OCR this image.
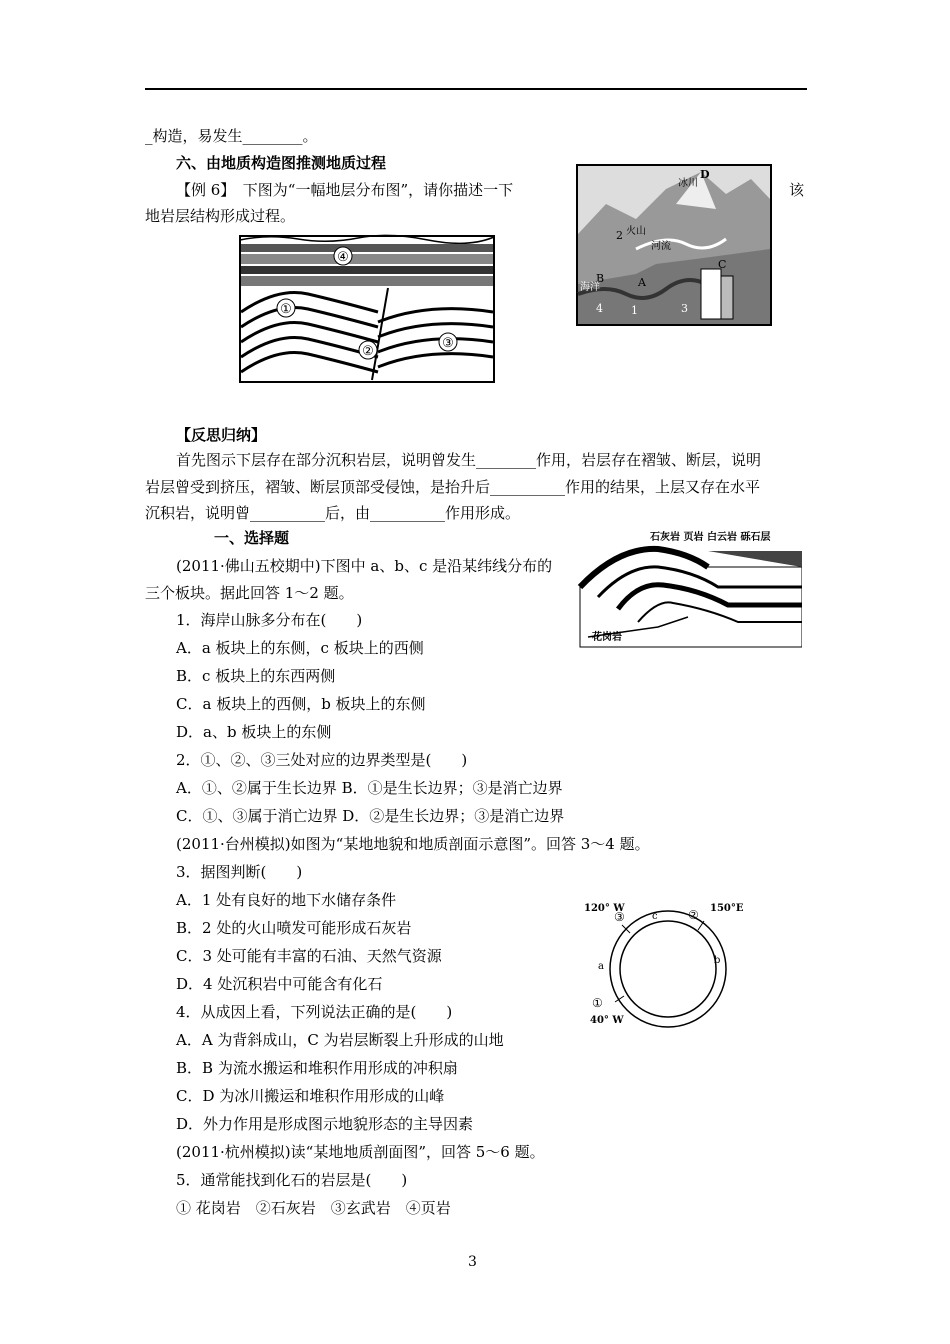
_构造，易发生________。
六、由地质构造图推测地质过程
【例 6】　下图为“一幅地层分布图”，请你描述一下	该
地岩层结构形成过程。
④
①
②
③
冰川
D
火山
2
河流
B	A
C
海洋
4	1	3
【反思归纳】
首先图示下层存在部分沉积岩层，说明曾发生________作用，岩层存在褶皱、断层，说明
岩层曾受到挤压，褶皱、断层顶部受侵蚀，是抬升后__________作用的结果，上层又存在水平
沉积岩，说明曾__________后，由__________作用形成。
一、选择题	石灰岩 页岩 白云岩 砾石层
花岗岩
(2011·佛山五校期中)下图中 a、b、c 是沿某纬线分布的
三个板块。据此回答 1～2 题。
1．海岸山脉多分布在(　　)
A．a 板块上的东侧，c 板块上的西侧
B．c 板块上的东西两侧
C．a 板块上的西侧，b 板块上的东侧
D．a、b 板块上的东侧
2．①、②、③三处对应的边界类型是(　　)
A．①、②属于生长边界 B．①是生长边界；③是消亡边界
C．①、③属于消亡边界 D．②是生长边界；③是消亡边界
(2011·台州模拟)如图为“某地地貌和地质剖面示意图”。回答 3～4 题。
3．据图判断(　　)
A．1 处有良好的地下水储存条件
B．2 处的火山喷发可能形成石灰岩
C．3 处可能有丰富的石油、天然气资源
D．4 处沉积岩中可能含有化石
4．从成因上看，下列说法正确的是(　　)
A．A 为背斜成山，C 为岩层断裂上升形成的山地
B．B 为流水搬运和堆积作用形成的冲积扇
C．D 为冰川搬运和堆积作用形成的山峰
D．外力作用是形成图示地貌形态的主导因素
(2011·杭州模拟)读“某地地质剖面图”，回答 5～6 题。
5．通常能找到化石的岩层是(　　)
① 花岗岩　②石灰岩　③玄武岩　④页岩
120° W	150°E
40° W
③	②
①
c
a
b
3
